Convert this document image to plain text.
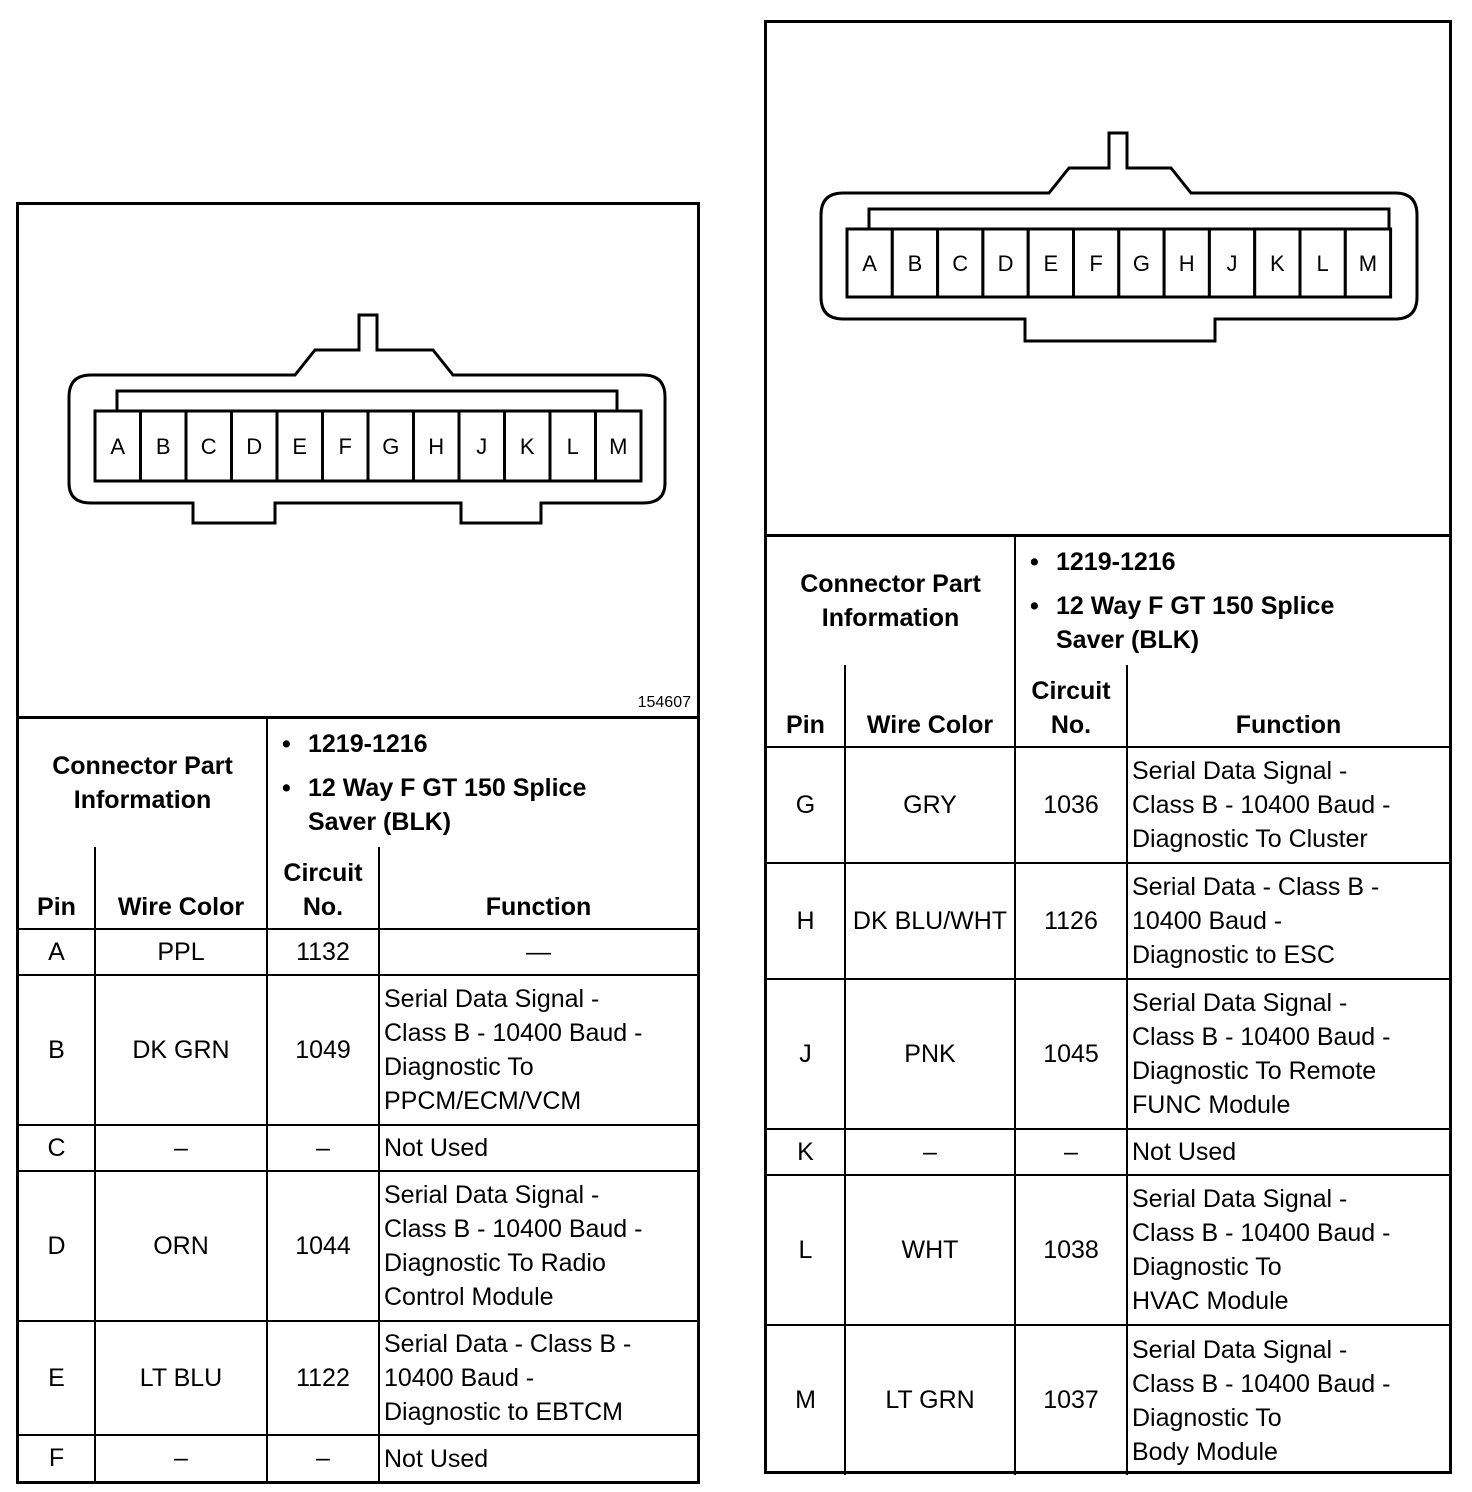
A B C D E F G H J K L M
154607
Connector Part
Information

• 1219-1216
• 12 Way F GT 150 Splice
Saver (BLK)
Pin	Wire Color	Circuit
No.	Function
A	PPL	1132	—

B	DK GRN	1049	Serial Data Signal -
Class B - 10400 Baud -
Diagnostic To
PPCM/ECM/VCM

C	–	–	Not Used

D	ORN	1044	Serial Data Signal -
Class B - 10400 Baud -
Diagnostic To Radio
Control Module

E	LT BLU	1122	Serial Data - Class B -
10400 Baud -
Diagnostic to EBTCM

F	–	–	Not Used
A B C D E F G H J K L M
Connector Part
Information

• 1219-1216
• 12 Way F GT 150 Splice
Saver (BLK)
Pin	Wire Color	Circuit
No.	Function
G	GRY	1036	Serial Data Signal -
Class B - 10400 Baud -
Diagnostic To Cluster

H	DK BLU/WHT	1126	Serial Data - Class B -
10400 Baud -
Diagnostic to ESC

J	PNK	1045	Serial Data Signal -
Class B - 10400 Baud -
Diagnostic To Remote
FUNC Module

K	–	–	Not Used

L	WHT	1038	Serial Data Signal -
Class B - 10400 Baud -
Diagnostic To
HVAC Module

M	LT GRN	1037	Serial Data Signal -
Class B - 10400 Baud -
Diagnostic To
Body Module
